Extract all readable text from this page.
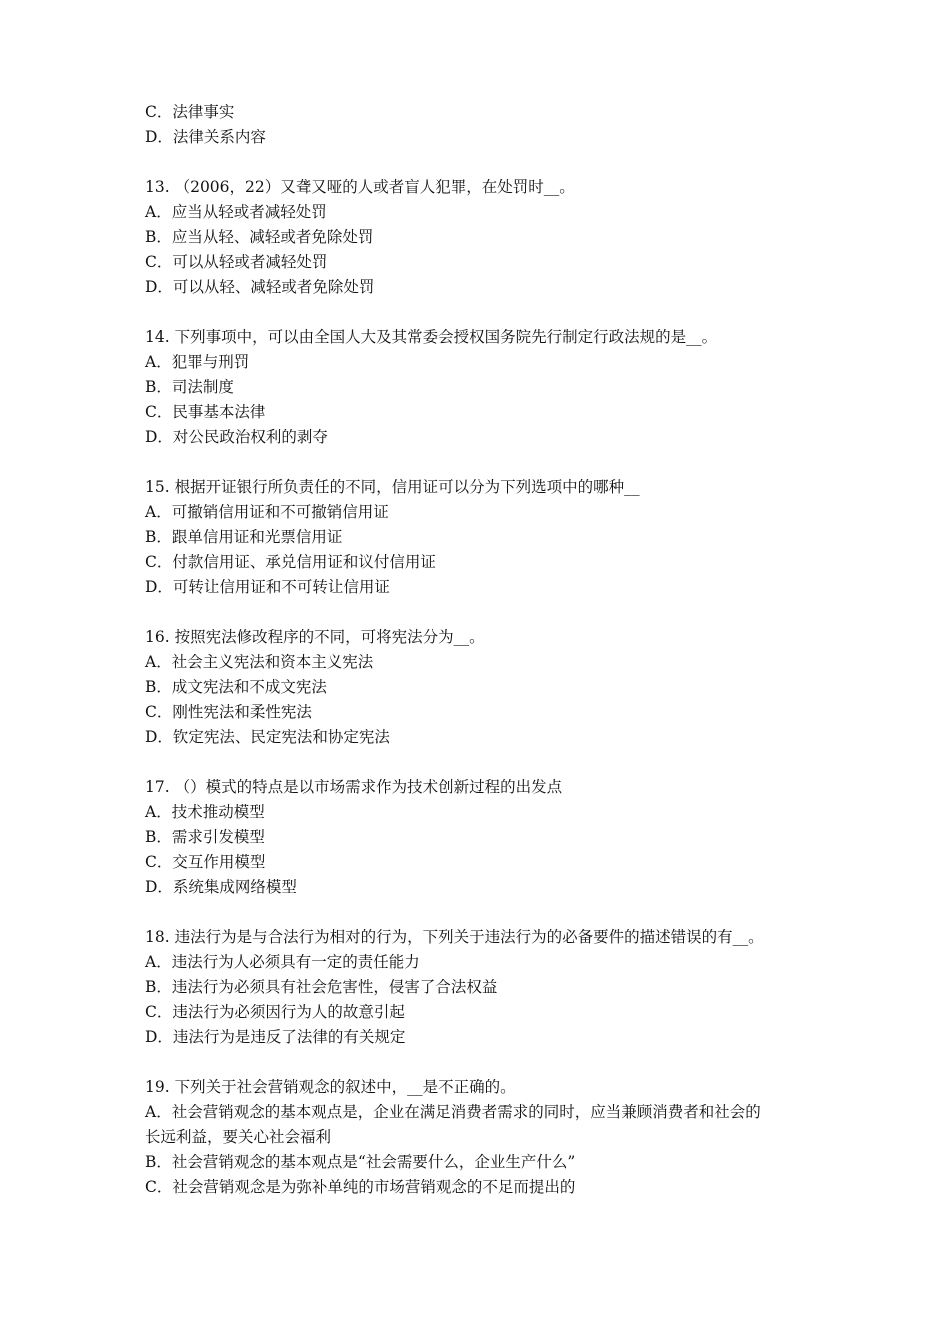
C．法律事实
D．法律关系内容
13. （2006，22）又聋又哑的人或者盲人犯罪，在处罚时__。
A．应当从轻或者减轻处罚
B．应当从轻、减轻或者免除处罚
C．可以从轻或者减轻处罚
D．可以从轻、减轻或者免除处罚
14. 下列事项中，可以由全国人大及其常委会授权国务院先行制定行政法规的是__。
A．犯罪与刑罚
B．司法制度
C．民事基本法律
D．对公民政治权利的剥夺
15. 根据开证银行所负责任的不同，信用证可以分为下列选项中的哪种__
A．可撤销信用证和不可撤销信用证
B．跟单信用证和光票信用证
C．付款信用证、承兑信用证和议付信用证
D．可转让信用证和不可转让信用证
16. 按照宪法修改程序的不同，可将宪法分为__。
A．社会主义宪法和资本主义宪法
B．成文宪法和不成文宪法
C．刚性宪法和柔性宪法
D．钦定宪法、民定宪法和协定宪法
17. （）模式的特点是以市场需求作为技术创新过程的出发点
A．技术推动模型
B．需求引发模型
C．交互作用模型
D．系统集成网络模型
18. 违法行为是与合法行为相对的行为，下列关于违法行为的必备要件的描述错误的有__。
A．违法行为人必须具有一定的责任能力
B．违法行为必须具有社会危害性，侵害了合法权益
C．违法行为必须因行为人的故意引起
D．违法行为是违反了法律的有关规定
19. 下列关于社会营销观念的叙述中，__是不正确的。
A．社会营销观念的基本观点是，企业在满足消费者需求的同时，应当兼顾消费者和社会的
长远利益，要关心社会福利
B．社会营销观念的基本观点是“社会需要什么，企业生产什么”
C．社会营销观念是为弥补单纯的市场营销观念的不足而提出的
